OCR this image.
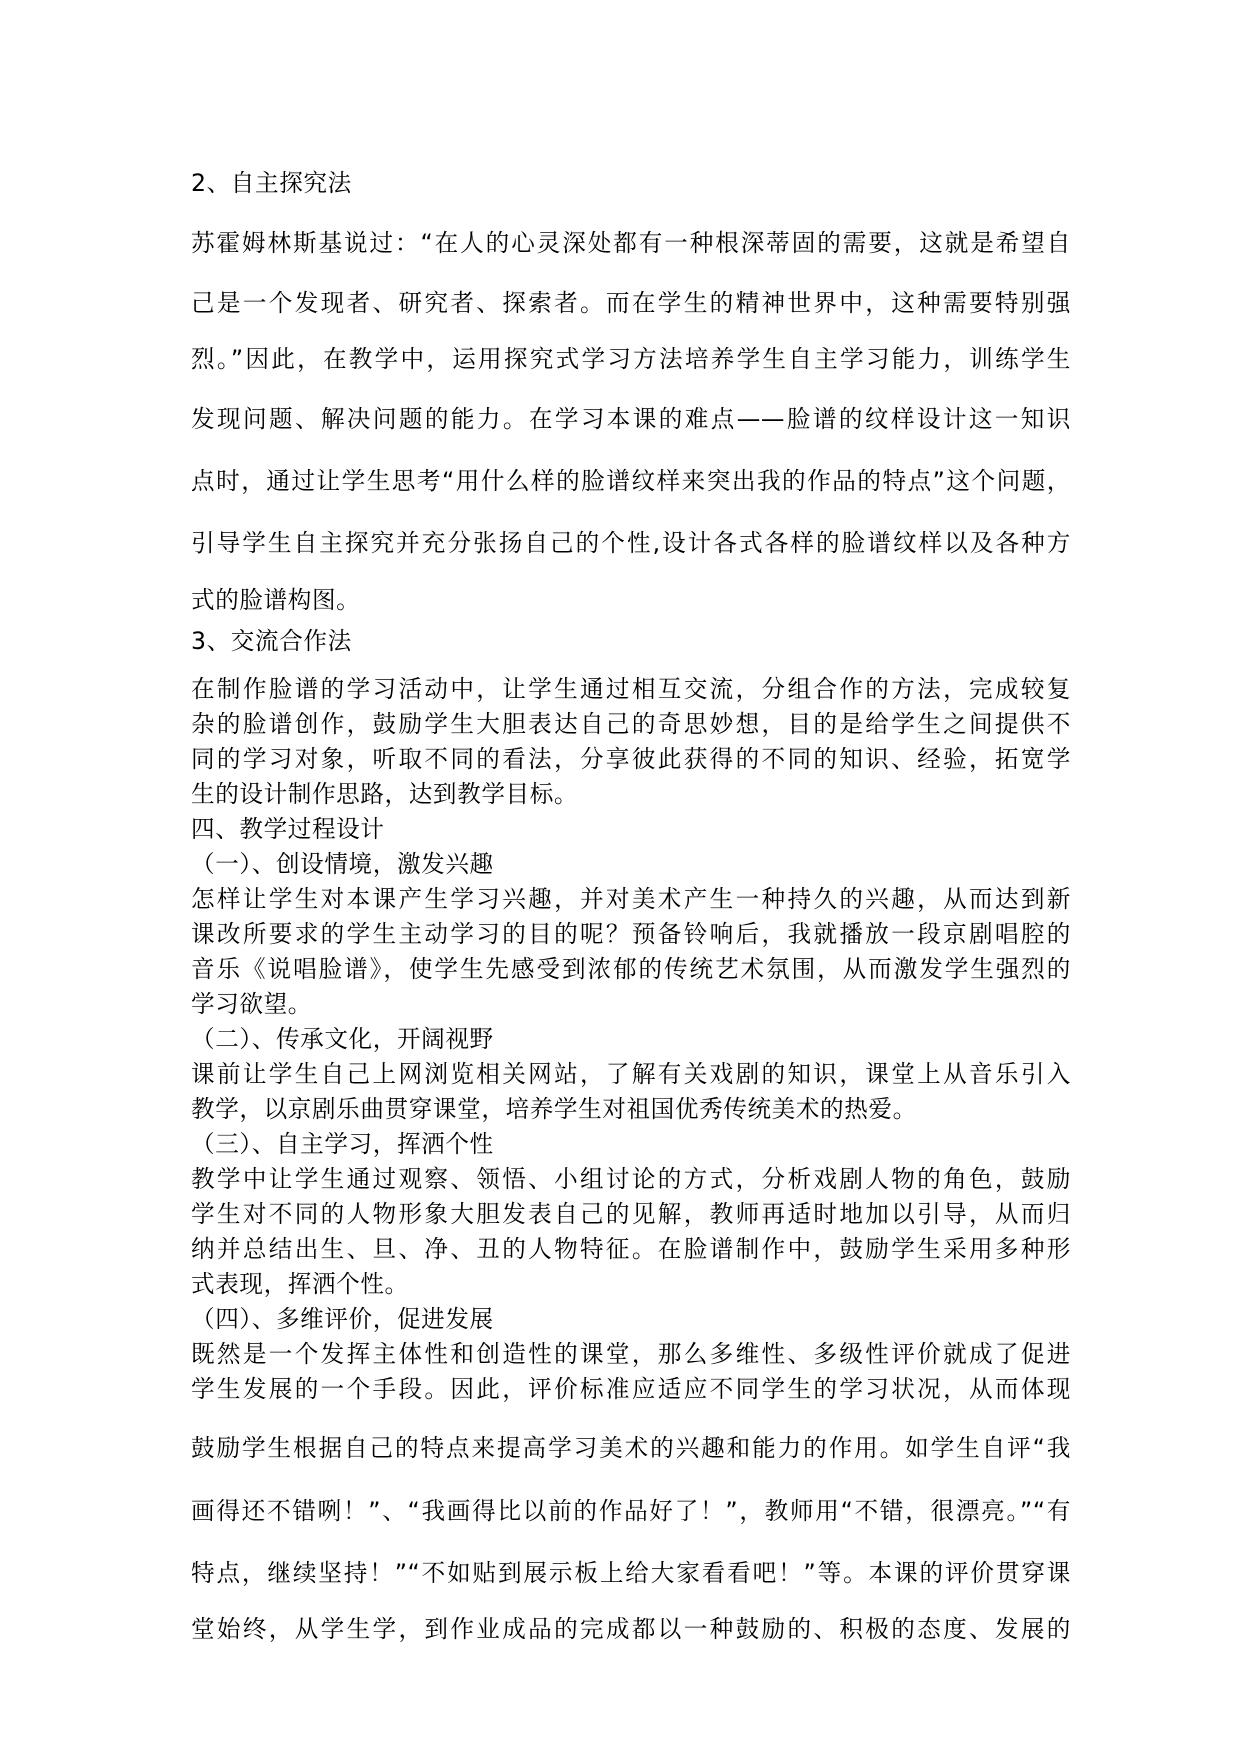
2、自主探究法
苏霍姆林斯基说过：“在人的心灵深处都有一种根深蒂固的需要，这就是希望自
己是一个发现者、研究者、探索者。而在学生的精神世界中，这种需要特别强
烈。”因此，在教学中，运用探究式学习方法培养学生自主学习能力，训练学生
发现问题、解决问题的能力。在学习本课的难点——脸谱的纹样设计这一知识
点时，通过让学生思考“用什么样的脸谱纹样来突出我的作品的特点”这个问题，
引导学生自主探究并充分张扬自己的个性,设计各式各样的脸谱纹样以及各种方
式的脸谱构图。
3、交流合作法
在制作脸谱的学习活动中，让学生通过相互交流，分组合作的方法，完成较复
杂的脸谱创作，鼓励学生大胆表达自己的奇思妙想，目的是给学生之间提供不
同的学习对象，听取不同的看法，分享彼此获得的不同的知识、经验，拓宽学
生的设计制作思路，达到教学目标。
四、教学过程设计
（一）、创设情境，激发兴趣
怎样让学生对本课产生学习兴趣，并对美术产生一种持久的兴趣，从而达到新
课改所要求的学生主动学习的目的呢？预备铃响后，我就播放一段京剧唱腔的
音乐《说唱脸谱》，使学生先感受到浓郁的传统艺术氛围，从而激发学生强烈的
学习欲望。
（二）、传承文化，开阔视野
课前让学生自己上网浏览相关网站，了解有关戏剧的知识，课堂上从音乐引入
教学，以京剧乐曲贯穿课堂，培养学生对祖国优秀传统美术的热爱。
（三）、自主学习，挥洒个性
教学中让学生通过观察、领悟、小组讨论的方式，分析戏剧人物的角色，鼓励
学生对不同的人物形象大胆发表自己的见解，教师再适时地加以引导，从而归
纳并总结出生、旦、净、丑的人物特征。在脸谱制作中，鼓励学生采用多种形
式表现，挥洒个性。
（四）、多维评价，促进发展
既然是一个发挥主体性和创造性的课堂，那么多维性、多级性评价就成了促进
学生发展的一个手段。因此，评价标准应适应不同学生的学习状况，从而体现
鼓励学生根据自己的特点来提高学习美术的兴趣和能力的作用。如学生自评“我
画得还不错咧！”、“我画得比以前的作品好了！”，教师用“不错，很漂亮。”“有
特点，继续坚持！”“不如贴到展示板上给大家看看吧！”等。本课的评价贯穿课
堂始终，从学生学，到作业成品的完成都以一种鼓励的、积极的态度、发展的
